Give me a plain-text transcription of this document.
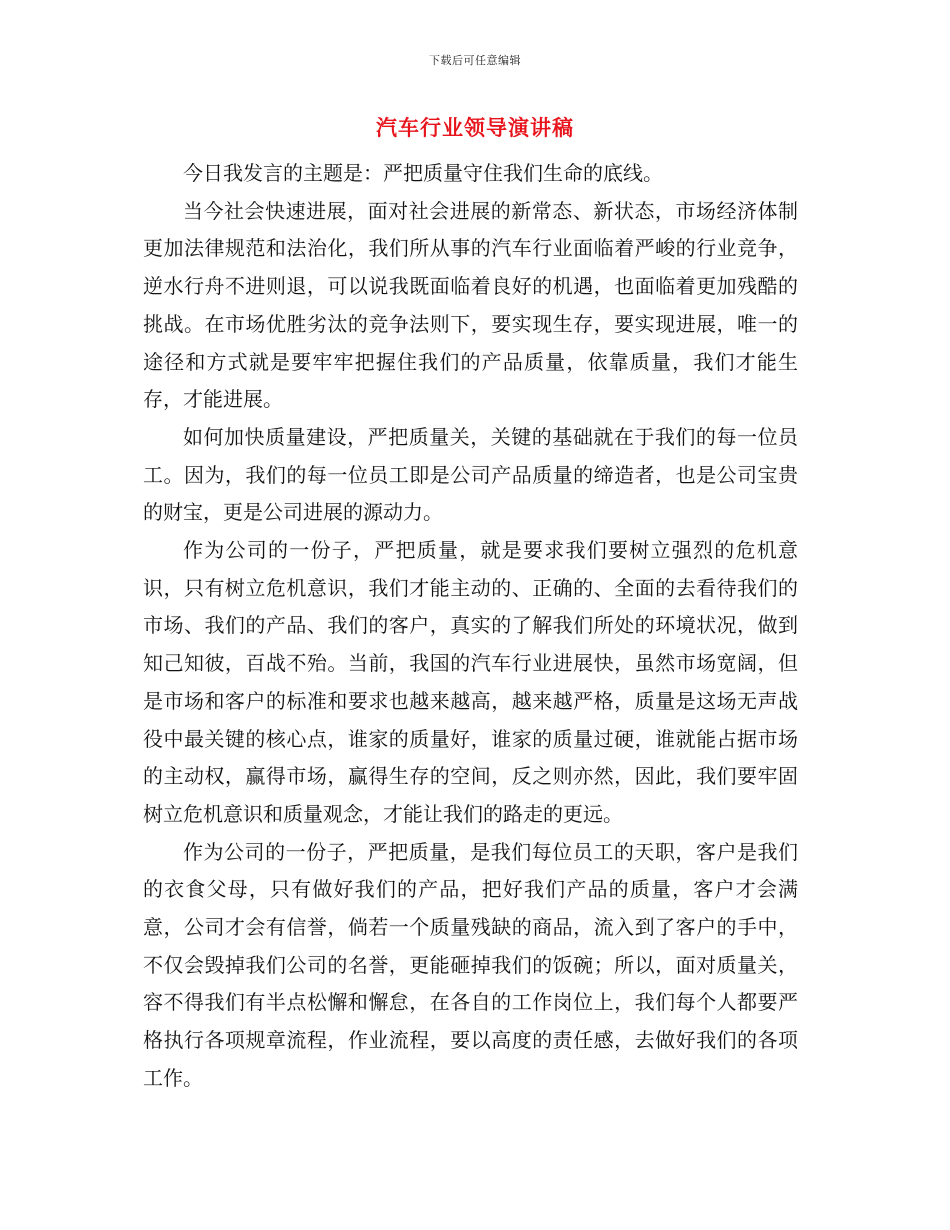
下载后可任意编辑
汽车行业领导演讲稿

今日我发言的主题是：严把质量守住我们生命的底线。

当今社会快速进展，面对社会进展的新常态、新状态，市场经济体制更加法律规范和法治化，我们所从事的汽车行业面临着严峻的行业竞争，逆水行舟不进则退，可以说我既面临着良好的机遇，也面临着更加残酷的挑战。在市场优胜劣汰的竞争法则下，要实现生存，要实现进展，唯一的途径和方式就是要牢牢把握住我们的产品质量，依靠质量，我们才能生存，才能进展。

如何加快质量建设，严把质量关，关键的基础就在于我们的每一位员工。因为，我们的每一位员工即是公司产品质量的缔造者，也是公司宝贵的财宝，更是公司进展的源动力。

作为公司的一份子，严把质量，就是要求我们要树立强烈的危机意识，只有树立危机意识，我们才能主动的、正确的、全面的去看待我们的市场、我们的产品、我们的客户，真实的了解我们所处的环境状况，做到知己知彼，百战不殆。当前，我国的汽车行业进展快，虽然市场宽阔，但是市场和客户的标准和要求也越来越高，越来越严格，质量是这场无声战役中最关键的核心点，谁家的质量好，谁家的质量过硬，谁就能占据市场的主动权，赢得市场，赢得生存的空间，反之则亦然，因此，我们要牢固树立危机意识和质量观念，才能让我们的路走的更远。

作为公司的一份子，严把质量，是我们每位员工的天职，客户是我们的衣食父母，只有做好我们的产品，把好我们产品的质量，客户才会满意，公司才会有信誉，倘若一个质量残缺的商品，流入到了客户的手中，不仅会毁掉我们公司的名誉，更能砸掉我们的饭碗；所以，面对质量关，容不得我们有半点松懈和懈怠，在各自的工作岗位上，我们每个人都要严格执行各项规章流程，作业流程，要以高度的责任感，去做好我们的各项工作。
